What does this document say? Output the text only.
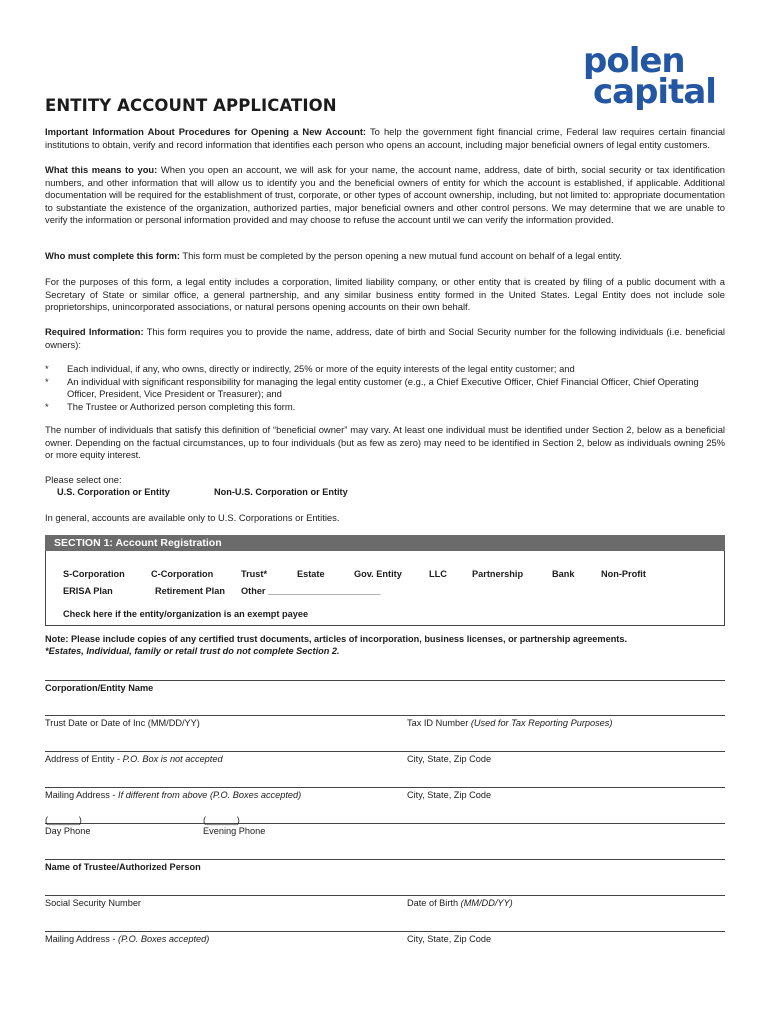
polen
capital
ENTITY ACCOUNT APPLICATION

Important Information About Procedures for Opening a New Account: To help the government fight financial crime, Federal law requires certain financial institutions to obtain, verify and record information that identifies each person who opens an account, including major beneficial owners of legal entity customers.

What this means to you: When you open an account, we will ask for your name, the account name, address, date of birth, social security or tax identification numbers, and other information that will allow us to identify you and the beneficial owners of entity for which the account is established, if applicable. Additional documentation will be required for the establishment of trust, corporate, or other types of account ownership, including, but not limited to: appropriate documentation to substantiate the existence of the organization, authorized parties, major beneficial owners and other control persons. We may determine that we are unable to verify the information or personal information provided and may choose to refuse the account until we can verify the information provided.

Who must complete this form: This form must be completed by the person opening a new mutual fund account on behalf of a legal entity.

For the purposes of this form, a legal entity includes a corporation, limited liability company, or other entity that is created by filing of a public document with a Secretary of State or similar office, a general partnership, and any similar business entity formed in the United States. Legal Entity does not include sole proprietorships, unincorporated associations, or natural persons opening accounts on their own behalf.

Required Information: This form requires you to provide the name, address, date of birth and Social Security number for the following individuals (i.e. beneficial owners):

* Each individual, if any, who owns, directly or indirectly, 25% or more of the equity interests of the legal entity customer; and
* An individual with significant responsibility for managing the legal entity customer (e.g., a Chief Executive Officer, Chief Financial Officer, Chief Operating Officer, President, Vice President or Treasurer); and
* The Trustee or Authorized person completing this form.

The number of individuals that satisfy this definition of “beneficial owner” may vary. At least one individual must be identified under Section 2, below as a beneficial owner. Depending on the factual circumstances, up to four individuals (but as few as zero) may need to be identified in Section 2, below as individuals owning 25% or more equity interest.

Please select one:
U.S. Corporation or Entity	Non-U.S. Corporation or Entity
In general, accounts are available only to U.S. Corporations or Entities.
SECTION 1: Account Registration
S-Corporation	C-Corporation	Trust*	Estate	Gov. Entity	LLC	Partnership	Bank	Non-Profit
ERISA Plan	Retirement Plan Other ______________________
Check here if the entity/organization is an exempt payee
Note: Please include copies of any certified trust documents, articles of incorporation, business licenses, or partnership agreements.
*Estates, Individual, family or retail trust do not complete Section 2.
Corporation/Entity Name
Trust Date or Date of Inc (MM/DD/YY)	Tax ID Number (Used for Tax Reporting Purposes)
Address of Entity - P.O. Box is not accepted	City, State, Zip Code
Mailing Address - If different from above (P.O. Boxes accepted)	City, State, Zip Code
(______)	(______)
Day Phone	Evening Phone
Name of Trustee/Authorized Person
Social Security Number	Date of Birth (MM/DD/YY)
Mailing Address - (P.O. Boxes accepted)	City, State, Zip Code
